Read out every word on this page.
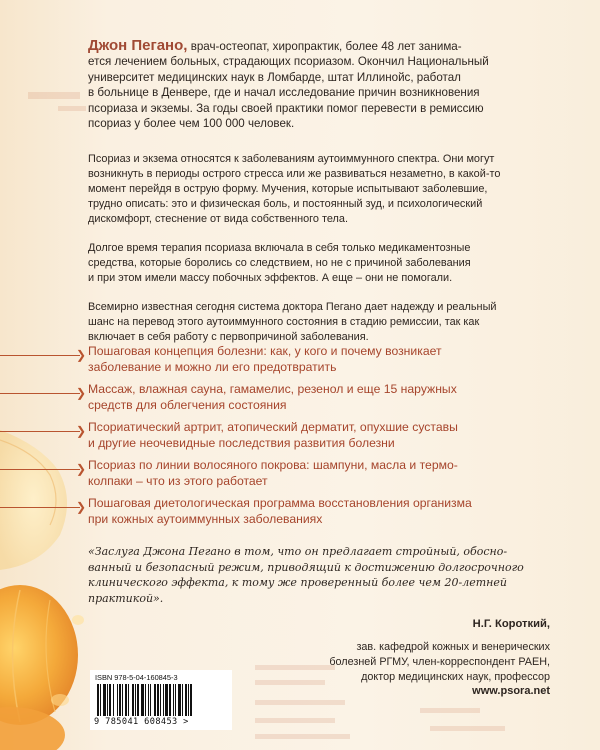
Джон Пегано, врач-остеопат, хиропрактик, более 48 лет занима-
ется лечением больных, страдающих псориазом. Окончил Национальный
университет медицинских наук в Ломбарде, штат Иллинойс, работал
в больнице в Денвере, где и начал исследование причин возникновения
псориаза и экземы. За годы своей практики помог перевести в ремиссию
псориаз у более чем 100 000 человек.

Псориаз и экзема относятся к заболеваниям аутоиммунного спектра. Они могут
возникнуть в периоды острого стресса или же развиваться незаметно, в какой-то
момент перейдя в острую форму. Мучения, которые испытывают заболевшие,
трудно описать: это и физическая боль, и постоянный зуд, и психологический
дискомфорт, стеснение от вида собственного тела.

Долгое время терапия псориаза включала в себя только медикаментозные
средства, которые боролись со следствием, но не с причиной заболевания
и при этом имели массу побочных эффектов. А еще – они не помогали.

Всемирно известная сегодня система доктора Пегано дает надежду и реальный
шанс на перевод этого аутоиммунного состояния в стадию ремиссии, так как
включает в себя работу с первопричиной заболевания.

❯ Пошаговая концепция болезни: как, у кого и почему возникает
заболевание и можно ли его предотвратить
❯ Массаж, влажная сауна, гамамелис, резенол и еще 15 наружных
средств для облегчения состояния
❯ Псориатический артрит, атопический дерматит, опухшие суставы
и другие неочевидные последствия развития болезни
❯ Псориаз по линии волосяного покрова: шампуни, масла и термо-
колпаки – что из этого работает
❯ Пошаговая диетологическая программа восстановления организма
при кожных аутоиммунных заболеваниях
«Заслуга Джона Пегано в том, что он предлагает стройный, обосно-
ванный и безопасный режим, приводящий к достижению долгосрочного
клинического эффекта, к тому же проверенный более чем 20-летней
практикой».
Н.Г. Короткий,
зав. кафедрой кожных и венерических
болезней РГМУ, член-корреспондент РАЕН,
доктор медицинских наук, профессор
www.psora.net
ISBN 978-5-04-160845-3
9 785041 608453 >
